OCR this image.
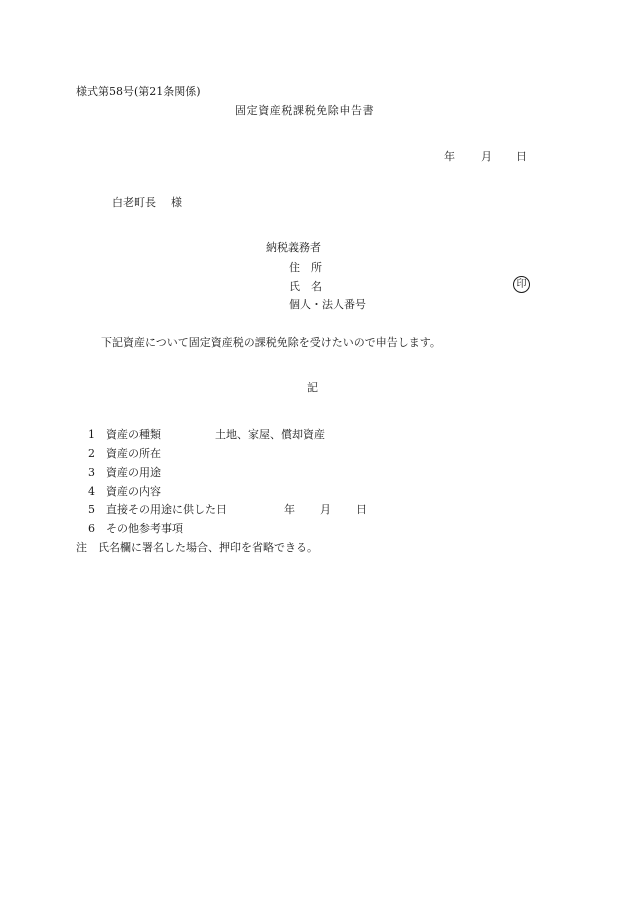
様式第58号(第21条関係)
固定資産税課税免除申告書
年 月 日
白老町長 様
納税義務者
住　所
氏　名	印
個人・法人番号
下記資産について固定資産税の課税免除を受けたいので申告します。
記
1 資産の種類	土地、家屋、償却資産
2 資産の所在
3 資産の用途
4 資産の内容
5 直接その用途に供した日	年 月 日
6 その他参考事項
注　氏名欄に署名した場合、押印を省略できる。
